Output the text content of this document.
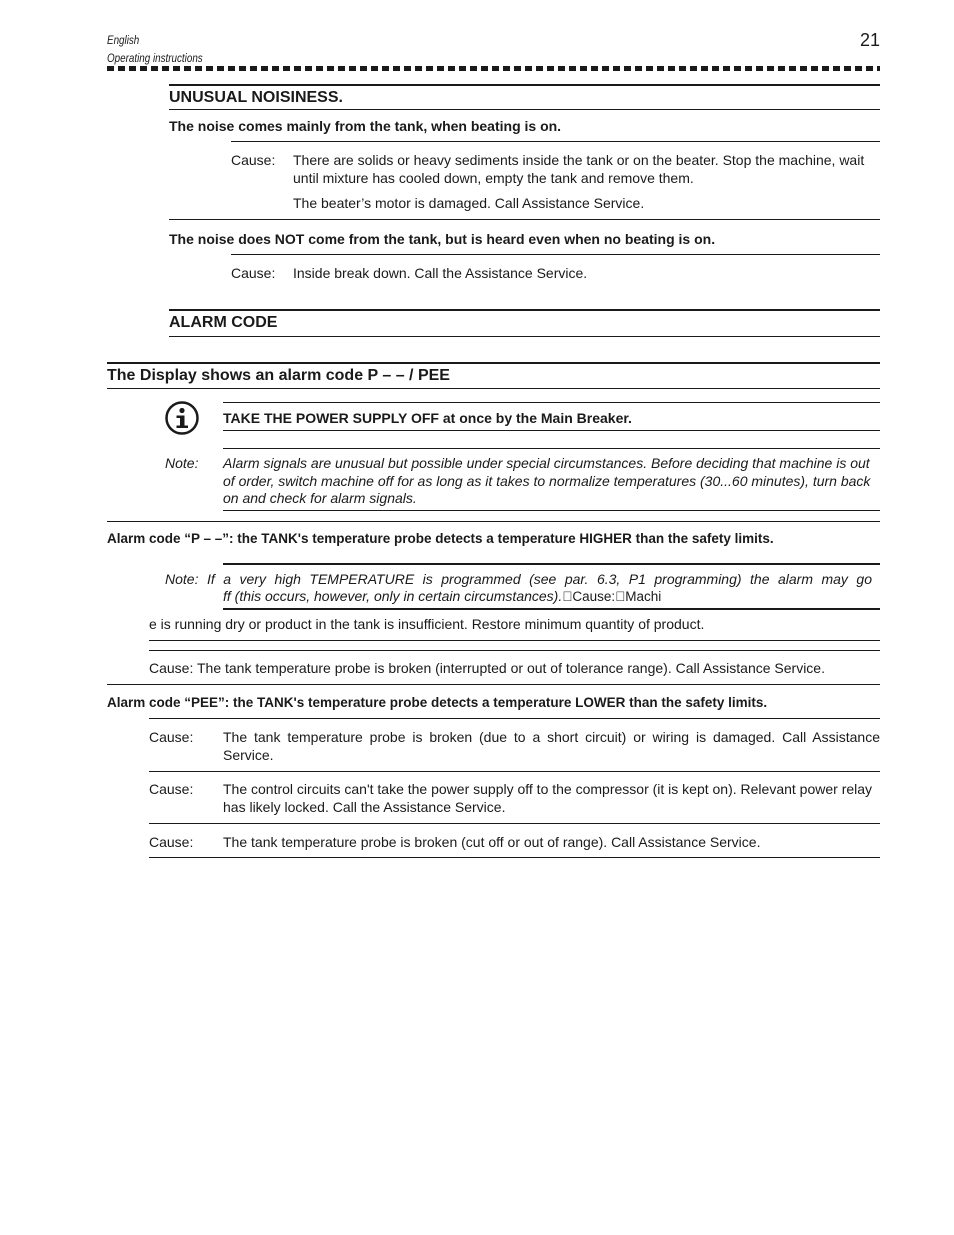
English
Operating instructions
21
UNUSUAL NOISINESS.
The noise comes mainly from the tank, when beating is on.
Cause: There are solids or heavy sediments inside the tank or on the beater. Stop the machine, wait until mixture has cooled down, empty the tank and remove them.
The beater’s motor is damaged. Call Assistance Service.
The noise does NOT come from the tank, but is heard even when no beating is on.
Cause: Inside break down. Call the Assistance Service.
ALARM CODE
The Display shows an alarm code P – – / PEE
TAKE THE POWER SUPPLY OFF at once by the Main Breaker.
Note: Alarm signals are unusual but possible under special circumstances. Before deciding that machine is out of order, switch machine off for as long as it takes to normalize temperatures (30...60 minutes), turn back on and check for alarm signals.
Alarm code “P – –”: the TANK's temperature probe detects a temperature HIGHER than the safety limits.
Note: If a very high TEMPERATURE is programmed (see par. 6.3, P1 programming) the alarm may go
ff (this occurs, however, only in certain circumstances). Cause: Machi
e is running dry or product in the tank is insufficient. Restore minimum quantity of product.
Cause: The tank temperature probe is broken (interrupted or out of tolerance range). Call Assistance Service.
Alarm code “PEE”: the TANK's temperature probe detects a temperature LOWER than the safety limits.
Cause: The tank temperature probe is broken (due to a short circuit) or wiring is damaged. Call Assistance Service.
Cause: The control circuits can't take the power supply off to the compressor (it is kept on). Relevant power relay has likely locked. Call the Assistance Service.
Cause: The tank temperature probe is broken (cut off or out of range). Call Assistance Service.
